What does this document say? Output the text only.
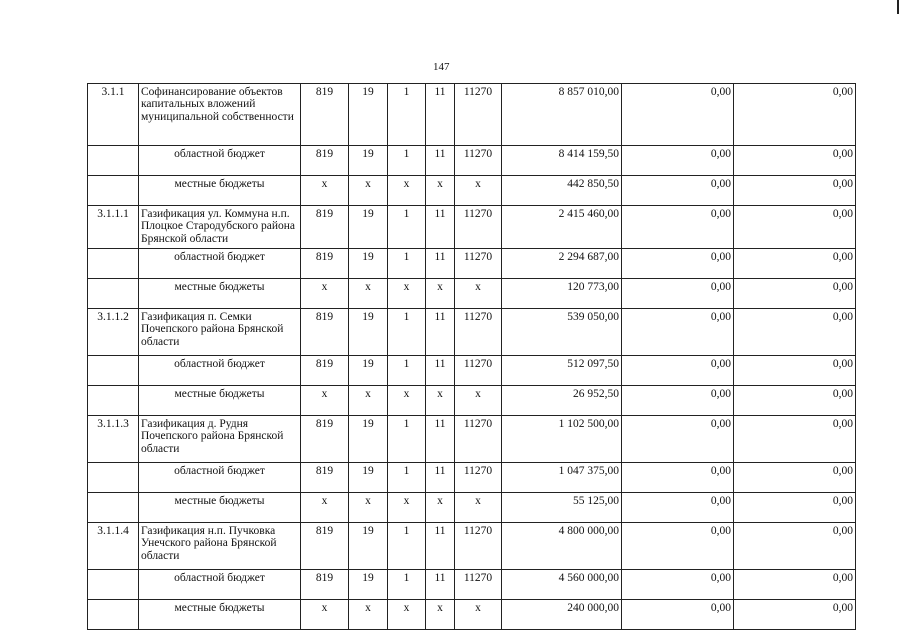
147
3.1.1	Софинансирование объектов капитальных вложений муниципальной собственности	819	19	1	11	11270	8 857 010,00	0,00	0,00
	областной бюджет	819	19	1	11	11270	8 414 159,50	0,00	0,00
	местные бюджеты	x	x	x	x	x	442 850,50	0,00	0,00
3.1.1.1	Газификация ул. Коммуна н.п. Плоцкое Стародубского района Брянской области	819	19	1	11	11270	2 415 460,00	0,00	0,00
	областной бюджет	819	19	1	11	11270	2 294 687,00	0,00	0,00
	местные бюджеты	x	x	x	x	x	120 773,00	0,00	0,00
3.1.1.2	Газификация п. Семки Почепского района Брянской области	819	19	1	11	11270	539 050,00	0,00	0,00
	областной бюджет	819	19	1	11	11270	512 097,50	0,00	0,00
	местные бюджеты	x	x	x	x	x	26 952,50	0,00	0,00
3.1.1.3	Газификация д. Рудня Почепского района Брянской области	819	19	1	11	11270	1 102 500,00	0,00	0,00
	областной бюджет	819	19	1	11	11270	1 047 375,00	0,00	0,00
	местные бюджеты	x	x	x	x	x	55 125,00	0,00	0,00
3.1.1.4	Газификация н.п. Пучковка Унечского района Брянской области	819	19	1	11	11270	4 800 000,00	0,00	0,00
	областной бюджет	819	19	1	11	11270	4 560 000,00	0,00	0,00
	местные бюджеты	x	x	x	x	x	240 000,00	0,00	0,00
